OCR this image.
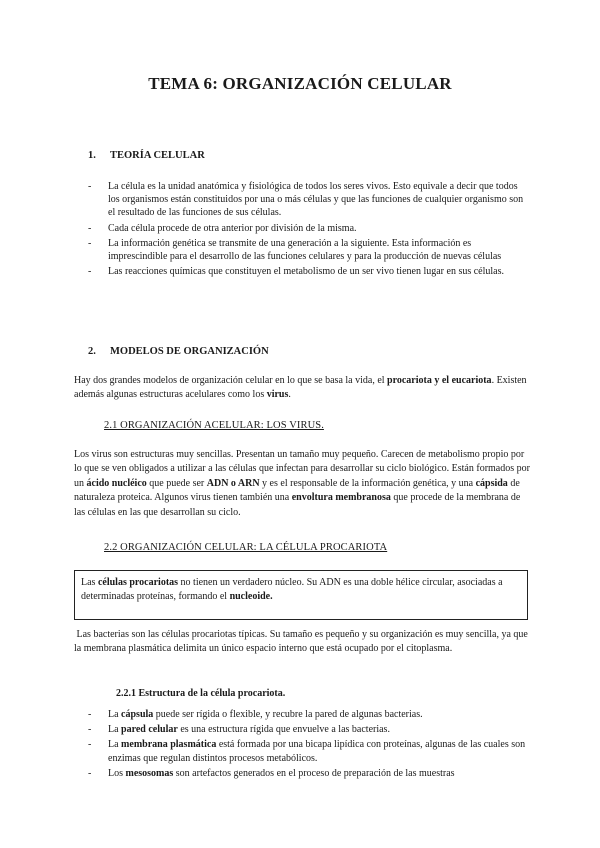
TEMA 6: ORGANIZACIÓN CELULAR
1. TEORÍA CELULAR
- La célula es la unidad anatómica y fisiológica de todos los seres vivos. Esto equivale a decir que todos los organismos están constituidos por una o más células y que las funciones de cualquier organismo son el resultado de las funciones de sus células.
- Cada célula procede de otra anterior por división de la misma.
- La información genética se transmite de una generación a la siguiente. Esta información es imprescindible para el desarrollo de las funciones celulares y para la producción de nuevas células
- Las reacciones químicas que constituyen el metabolismo de un ser vivo tienen lugar en sus células.
2. MODELOS DE ORGANIZACIÓN

Hay dos grandes modelos de organización celular en lo que se basa la vida, el procariota y el eucariota. Existen además algunas estructuras acelulares como los virus.

2.1 ORGANIZACIÓN ACELULAR: LOS VIRUS.

Los virus son estructuras muy sencillas. Presentan un tamaño muy pequeño. Carecen de metabolismo propio por lo que se ven obligados a utilizar a las células que infectan para desarrollar su ciclo biológico. Están formados por un ácido nucléico que puede ser ADN o ARN y es el responsable de la información genética, y una cápsida de naturaleza proteica. Algunos virus tienen también una envoltura membranosa que procede de la membrana de las células en las que desarrollan su ciclo.

2.2 ORGANIZACIÓN CELULAR: LA CÉLULA PROCARIOTA
Las células procariotas no tienen un verdadero núcleo. Su ADN es una doble hélice circular, asociadas a determinadas proteínas, formando el nucleoide.

Las bacterias son las células procariotas típicas. Su tamaño es pequeño y su organización es muy sencilla, ya que la membrana plasmática delimita un único espacio interno que está ocupado por el citoplasma.

2.2.1 Estructura de la célula procariota.
- La cápsula puede ser rígida o flexible, y recubre la pared de algunas bacterias.
- La pared celular es una estructura rígida que envuelve a las bacterias.
- La membrana plasmática está formada por una bicapa lipídica con proteínas, algunas de las cuales son enzimas que regulan distintos procesos metabólicos.
- Los mesosomas son artefactos generados en el proceso de preparación de las muestras
